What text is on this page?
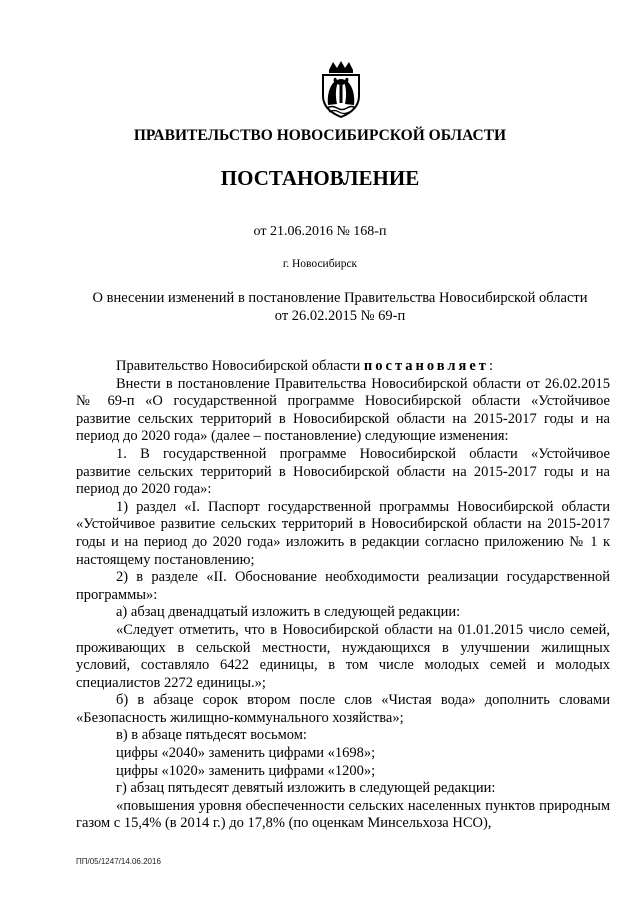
ПРАВИТЕЛЬСТВО НОВОСИБИРСКОЙ ОБЛАСТИ
ПОСТАНОВЛЕНИЕ
от 21.06.2016 № 168-п
г. Новосибирск
О внесении изменений в постановление Правительства Новосибирской области
от 26.02.2015 № 69-п

Правительство Новосибирской области постановляет:

Внести в постановление Правительства Новосибирской области от 26.02.2015 № 69-п «О государственной программе Новосибирской области «Устойчивое развитие сельских территорий в Новосибирской области на 2015-2017 годы и на период до 2020 года» (далее – постановление) следующие изменения:

1. В государственной программе Новосибирской области «Устойчивое развитие сельских территорий в Новосибирской области на 2015-2017 годы и на период до 2020 года»:

1) раздел «I. Паспорт государственной программы Новосибирской области «Устойчивое развитие сельских территорий в Новосибирской области на 2015-2017 годы и на период до 2020 года» изложить в редакции согласно приложению № 1 к настоящему постановлению;

2) в разделе «II. Обоснование необходимости реализации государственной программы»:

а) абзац двенадцатый изложить в следующей редакции:

«Следует отметить, что в Новосибирской области на 01.01.2015 число семей, проживающих в сельской местности, нуждающихся в улучшении жилищных условий, составляло 6422 единицы, в том числе молодых семей и молодых специалистов 2272 единицы.»;

б) в абзаце сорок втором после слов «Чистая вода» дополнить словами «Безопасность жилищно-коммунального хозяйства»;

в) в абзаце пятьдесят восьмом:

цифры «2040» заменить цифрами «1698»;

цифры «1020» заменить цифрами «1200»;

г) абзац пятьдесят девятый изложить в следующей редакции:

«повышения уровня обеспеченности сельских населенных пунктов природным газом с 15,4% (в 2014 г.) до 17,8% (по оценкам Минсельхоза НСО),

ПП/05/1247/14.06.2016
